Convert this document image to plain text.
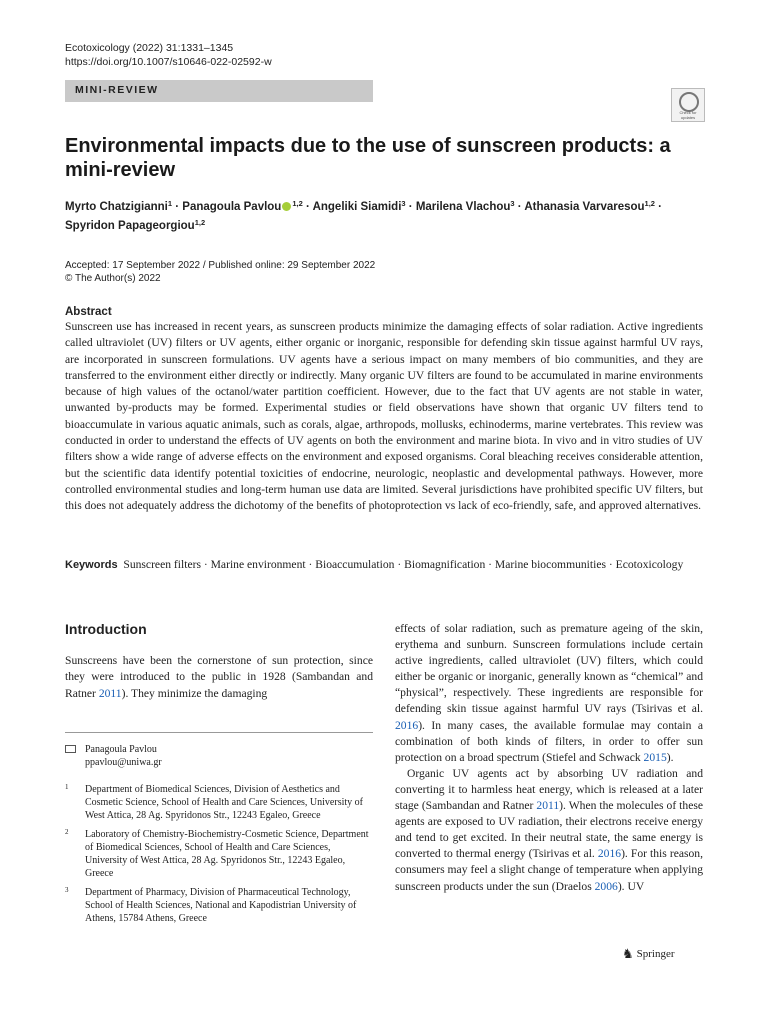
Ecotoxicology (2022) 31:1331–1345
https://doi.org/10.1007/s10646-022-02592-w
MINI-REVIEW
Check for
updates
Environmental impacts due to the use of sunscreen products: a mini-review
Myrto Chatzigianni$^1$ · Panagoula Pavlou $^{1,2}$ · Angeliki Siamidi$^3$ · Marilena Vlachou$^3$ · Athanasia Varvaresou$^{1,2}$ ·
Spyridon Papageorgiou$^{1,2}$
Accepted: 17 September 2022 / Published online: 29 September 2022
© The Author(s) 2022
Abstract

Sunscreen use has increased in recent years, as sunscreen products minimize the damaging effects of solar radiation. Active ingredients called ultraviolet (UV) filters or UV agents, either organic or inorganic, responsible for defending skin tissue against harmful UV rays, are incorporated in sunscreen formulations. UV agents have a serious impact on many members of bio communities, and they are transferred to the environment either directly or indirectly. Many organic UV filters are found to be accumulated in marine environments because of high values of the octanol/water partition coefficient. However, due to the fact that UV agents are not stable in water, unwanted by-products may be formed. Experimental studies or field observations have shown that organic UV filters tend to bioaccumulate in various aquatic animals, such as corals, algae, arthropods, mollusks, echinoderms, marine vertebrates. This review was conducted in order to understand the effects of UV agents on both the environment and marine biota. In vivo and in vitro studies of UV filters show a wide range of adverse effects on the environment and exposed organisms. Coral bleaching receives considerable attention, but the scientific data identify potential toxicities of endocrine, neurologic, neoplastic and developmental pathways. However, more controlled environmental studies and long-term human use data are limited. Several jurisdictions have prohibited specific UV filters, but this does not adequately address the dichotomy of the benefits of photoprotection vs lack of eco-friendly, safe, and approved alternatives.

Keywords Sunscreen filters · Marine environment · Bioaccumulation · Biomagnification · Marine biocommunities · Ecotoxicology
Introduction

Sunscreens have been the cornerstone of sun protection, since they were introduced to the public in 1928 (Sambandan and Ratner 2011). They minimize the damaging

Panagoula Pavlou
ppavlou@uniwa.gr
1 Department of Biomedical Sciences, Division of Aesthetics and Cosmetic Science, School of Health and Care Sciences, University of West Attica, 28 Ag. Spyridonos Str., 12243 Egaleo, Greece
2 Laboratory of Chemistry-Biochemistry-Cosmetic Science, Department of Biomedical Sciences, School of Health and Care Sciences, University of West Attica, 28 Ag. Spyridonos Str., 12243 Egaleo, Greece
3 Department of Pharmacy, Division of Pharmaceutical Technology, School of Health Sciences, National and Kapodistrian University of Athens, 15784 Athens, Greece

effects of solar radiation, such as premature ageing of the skin, erythema and sunburn. Sunscreen formulations include certain active ingredients, called ultraviolet (UV) filters, which could either be organic or inorganic, generally known as “chemical” and “physical”, respectively. These ingredients are responsible for defending skin tissue against harmful UV rays (Tsirivas et al. 2016). In many cases, the available formulae may contain a combination of both kinds of filters, in order to offer sun protection on a broad spectrum (Stiefel and Schwack 2015).

Organic UV agents act by absorbing UV radiation and converting it to harmless heat energy, which is released at a later stage (Sambandan and Ratner 2011). When the molecules of these agents are exposed to UV radiation, their electrons receive energy and tend to get excited. In their neutral state, the same energy is converted to thermal energy (Tsirivas et al. 2016). For this reason, consumers may feel a slight change of temperature when applying sunscreen products under the sun (Draelos 2006). UV

♞ Springer
